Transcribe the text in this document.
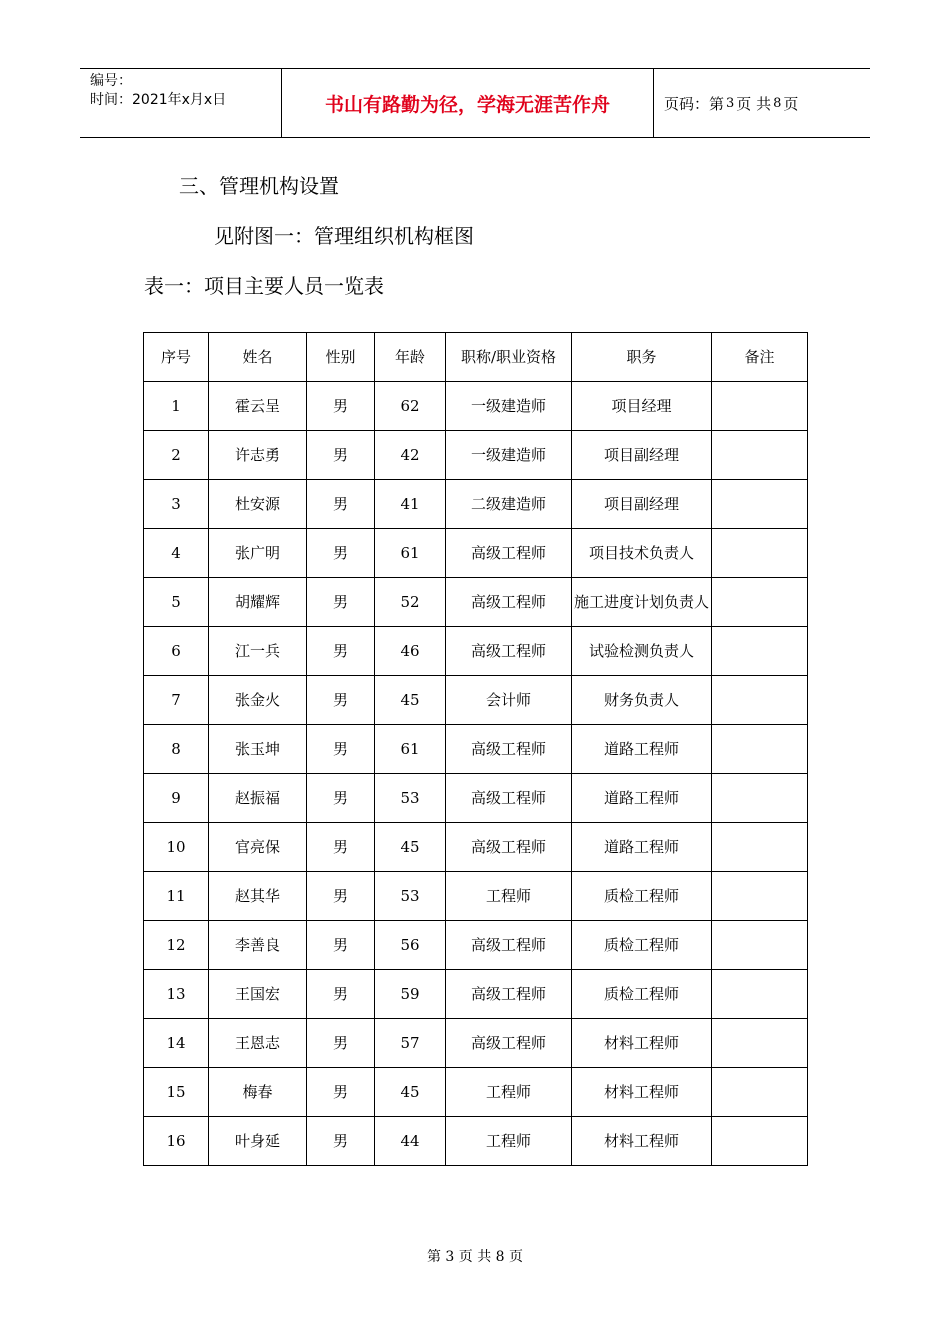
编号：
时间：2021年x月x日	书山有路勤为径，学海无涯苦作舟	页码：第 3 页 共 8 页
三、管理机构设置
见附图一：管理组织机构框图
表一：项目主要人员一览表
序号	姓名	性别	年龄	职称/职业资格	职务	备注
1	霍云呈	男	62	一级建造师	项目经理	
2	许志勇	男	42	一级建造师	项目副经理	
3	杜安源	男	41	二级建造师	项目副经理	
4	张广明	男	61	高级工程师	项目技术负责人	
5	胡耀辉	男	52	高级工程师	施工进度计划负责人	
6	江一兵	男	46	高级工程师	试验检测负责人	
7	张金火	男	45	会计师	财务负责人	
8	张玉坤	男	61	高级工程师	道路工程师	
9	赵振福	男	53	高级工程师	道路工程师	
10	官亮保	男	45	高级工程师	道路工程师	
11	赵其华	男	53	工程师	质检工程师	
12	李善良	男	56	高级工程师	质检工程师	
13	王国宏	男	59	高级工程师	质检工程师	
14	王恩志	男	57	高级工程师	材料工程师	
15	梅春	男	45	工程师	材料工程师	
16	叶身延	男	44	工程师	材料工程师	
第 3 页 共 8 页
